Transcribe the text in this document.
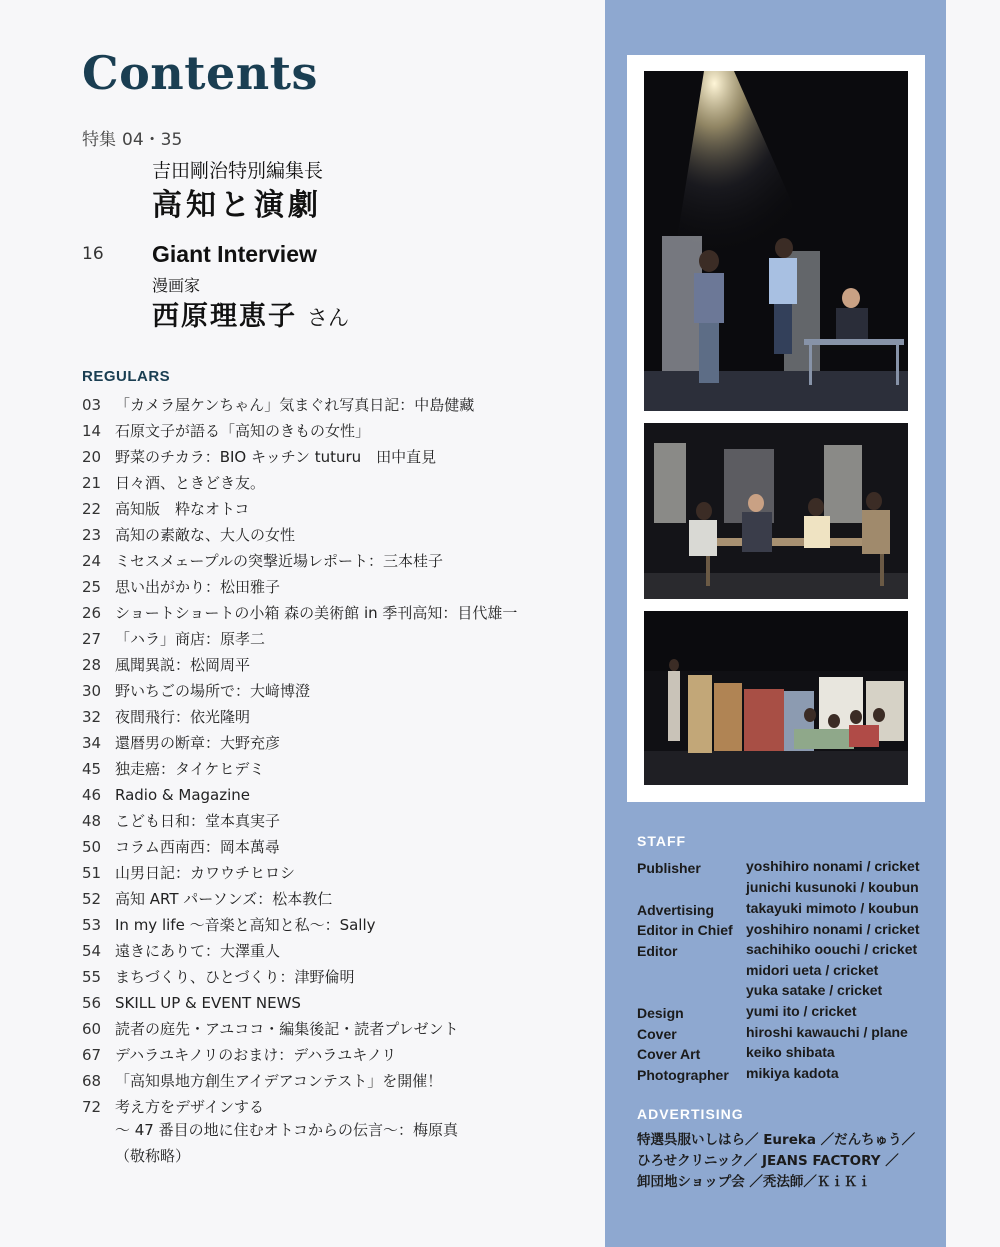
Contents
特集 04・35
吉田剛治特別編集長
高知と演劇
16 Giant Interview
漫画家
西原理恵子 さん
REGULARS
03 「カメラ屋ケンちゃん」気まぐれ写真日記：中島健藏
14 石原文子が語る「高知のきもの女性」
20 野菜のチカラ：BIO キッチン tuturu　田中直見
21 日々酒、ときどき友。
22 高知版　粋なオトコ
23 高知の素敵な、大人の女性
24 ミセスメェープルの突撃近場レポート：三本桂子
25 思い出がかり：松田雅子
26 ショートショートの小箱 森の美術館 in 季刊高知：目代雄一
27 「ハラ」商店：原孝二
28 風聞異説：松岡周平
30 野いちごの場所で：大﨑博澄
32 夜間飛行：依光隆明
34 還暦男の断章：大野充彦
45 独走癌：タイケヒデミ
46 Radio & Magazine
48 こども日和：堂本真実子
50 コラム西南西：岡本萬尋
51 山男日記：カワウチヒロシ
52 高知 ART パーソンズ：松本教仁
53 In my life 〜音楽と高知と私〜：Sally
54 遠きにありて：大澤重人
55 まちづくり、ひとづくり：津野倫明
56 SKILL UP & EVENT NEWS
60 読者の庭先・アユココ・編集後記・読者プレゼント
67 デハラユキノリのおまけ：デハラユキノリ
68 「高知県地方創生アイデアコンテスト」を開催！
72 考え方をデザインする
〜 47 番目の地に住むオトコからの伝言〜：梅原真
（敬称略）
STAFF
Publisher
Advertising
Editor in Chief
Editor
Design
Cover
Cover Art
Photographer
yoshihiro nonami / cricket
junichi kusunoki / koubun
takayuki mimoto / koubun
yoshihiro nonami / cricket
sachihiko oouchi / cricket
midori ueta / cricket
yuka satake / cricket
yumi ito / cricket
hiroshi kawauchi / plane
keiko shibata
mikiya kadota
ADVERTISING
特選呉服いしはら／ Eureka ／だんちゅう／
ひろせクリニック／ JEANS FACTORY ／
卸団地ショップ会 ／秃法師／ＫｉＫｉ
